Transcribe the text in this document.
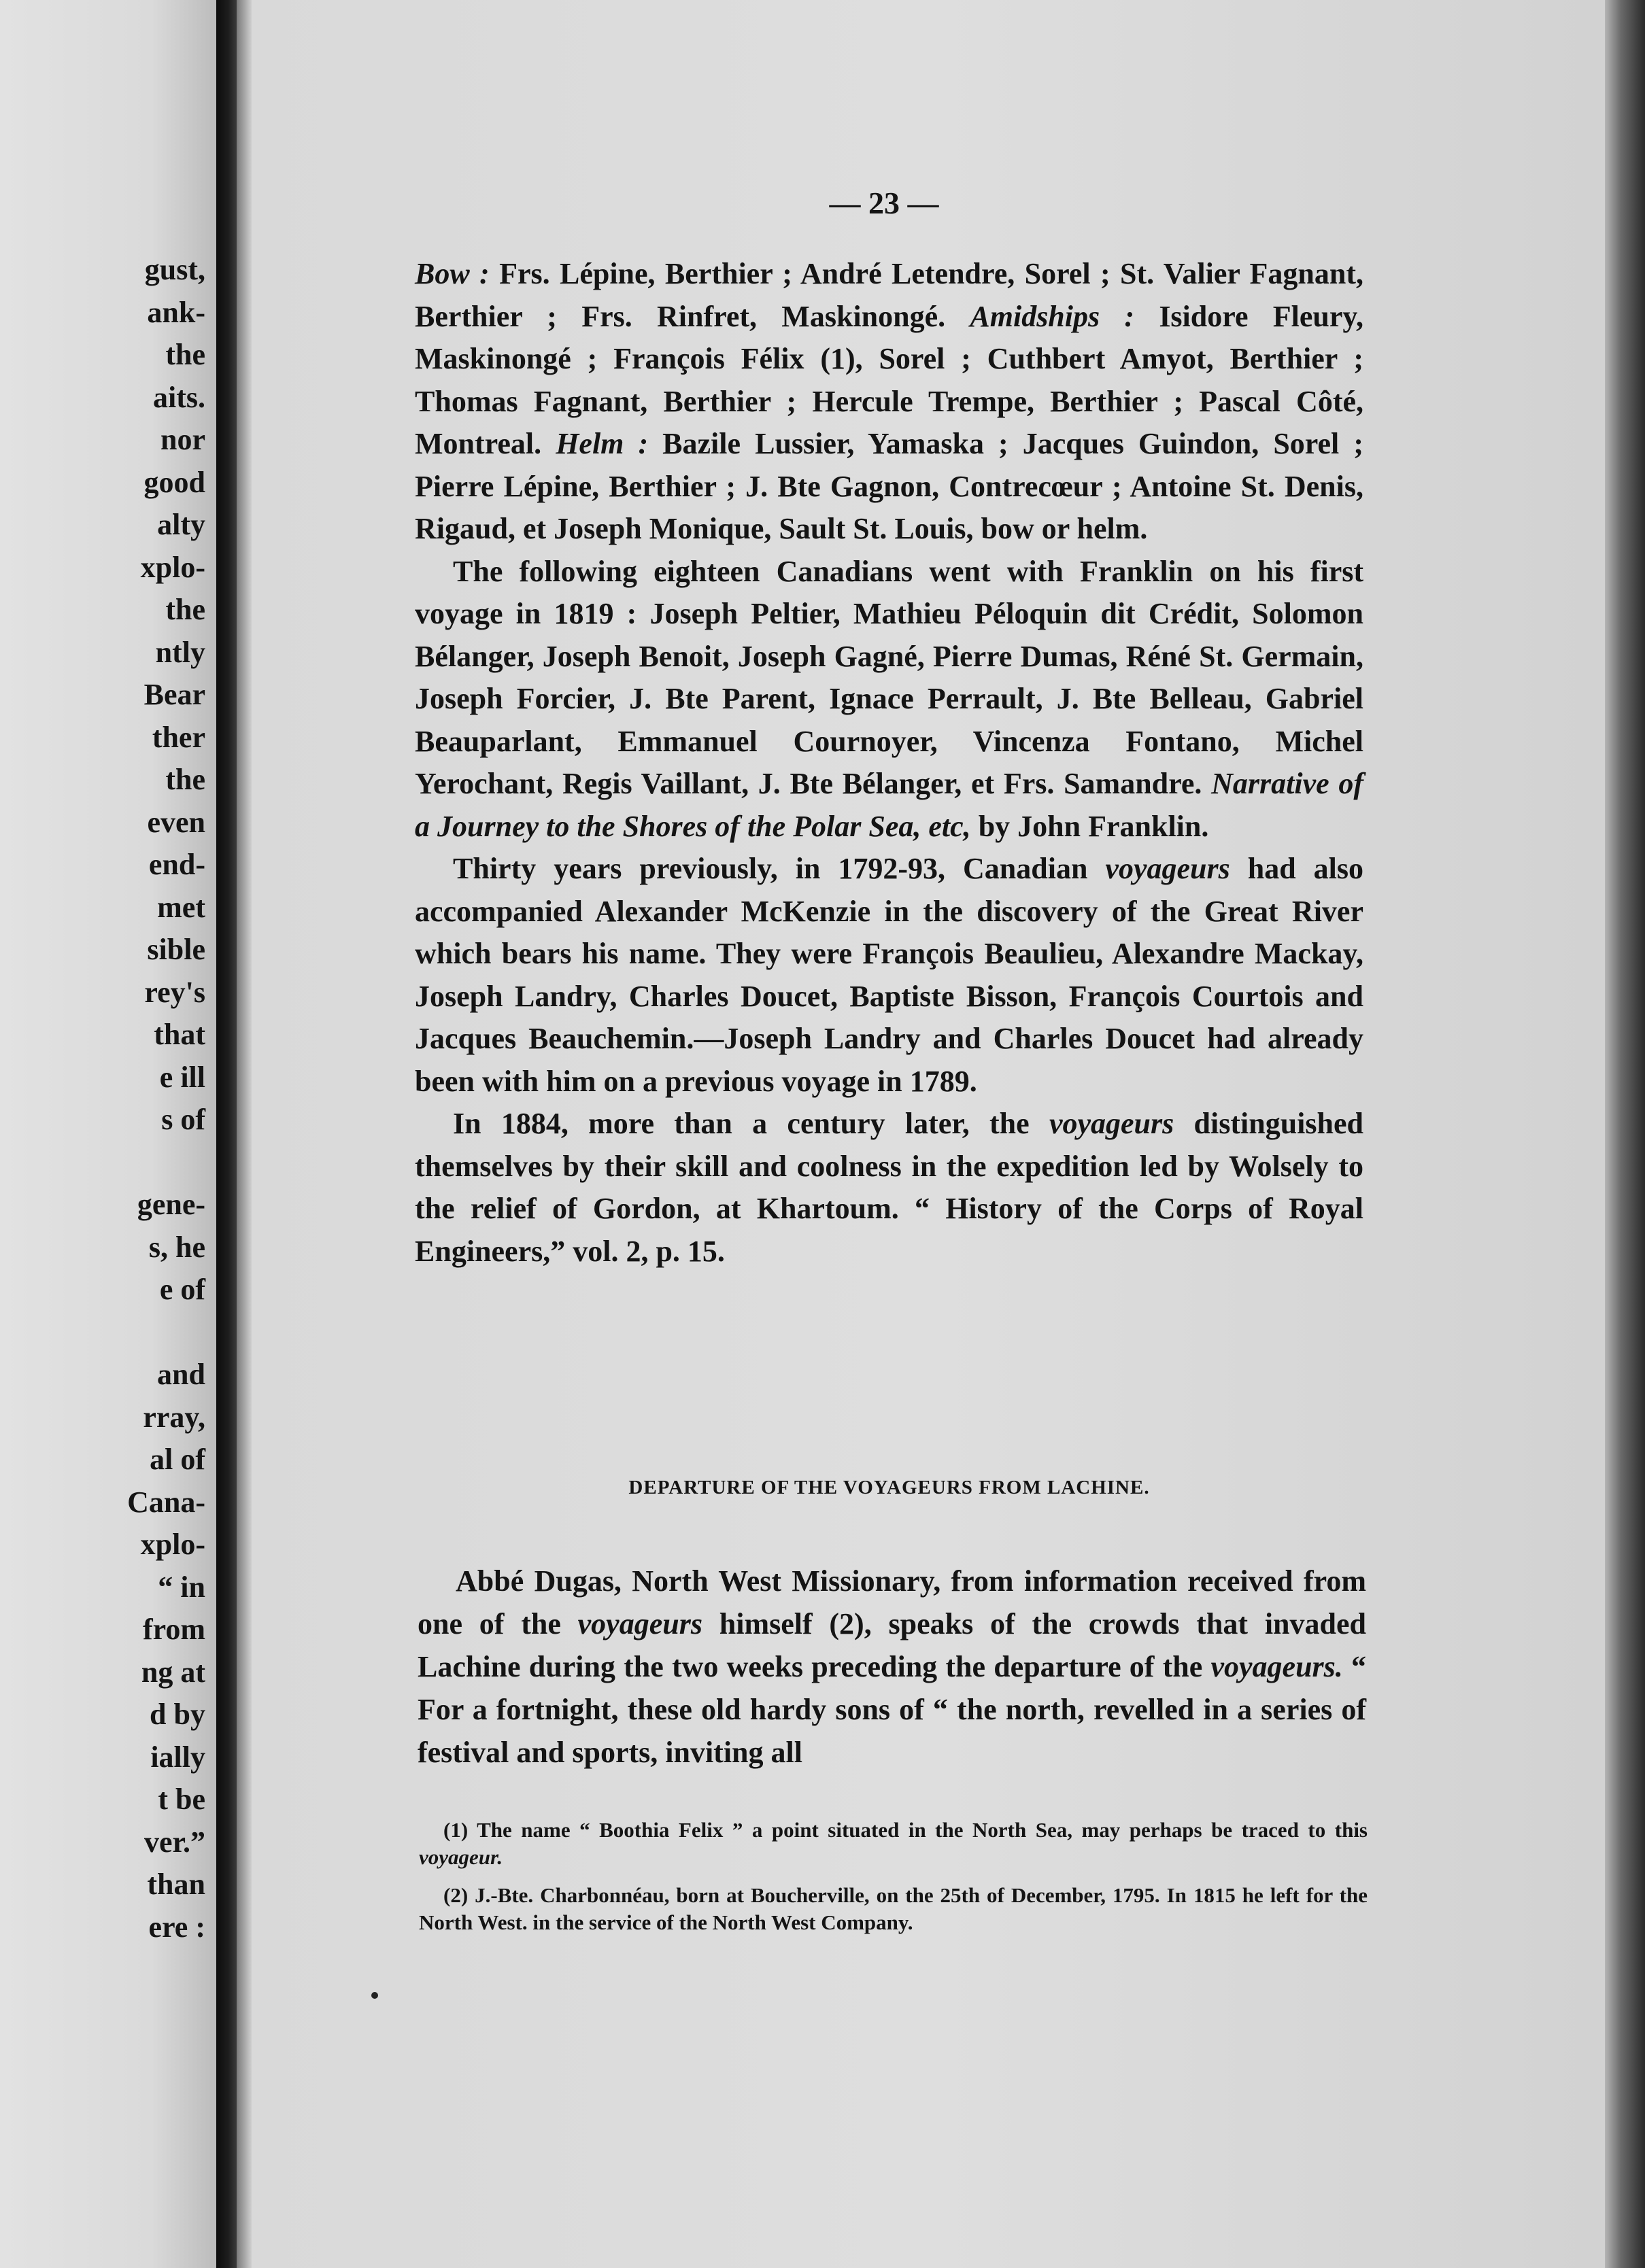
gust,
ank-
the
aits.
nor
good
alty
xplo-
the
ntly
Bear
ther
the
even
end-
met
sible
rey's
that
e ill
s of
gene-
s, he
e of
and
rray,
al of
Cana-
xplo-
“ in
from
ng at
d by
ially
t be
ver.”
than
ere :
— 23 —

Bow : Frs. Lépine, Berthier ; André Letendre, Sorel ; St. Valier Fagnant, Berthier ; Frs. Rinfret, Maskinongé. Amidships : Isidore Fleury, Maskinongé ; François Félix (1), Sorel ; Cuthbert Amyot, Berthier ; Thomas Fagnant, Berthier ; Hercule Trempe, Berthier ; Pascal Côté, Montreal. Helm : Bazile Lussier, Yamaska ; Jacques Guindon, Sorel ; Pierre Lépine, Berthier ; J. Bte Gagnon, Contrecœur ; Antoine St. Denis, Rigaud, et Joseph Monique, Sault St. Louis, bow or helm.

The following eighteen Canadians went with Franklin on his first voyage in 1819 : Joseph Peltier, Mathieu Péloquin dit Crédit, Solomon Bélanger, Joseph Benoit, Joseph Gagné, Pierre Dumas, Réné St. Germain, Joseph Forcier, J. Bte Parent, Ignace Perrault, J. Bte Belleau, Gabriel Beauparlant, Emmanuel Cournoyer, Vincenza Fontano, Michel Yerochant, Regis Vaillant, J. Bte Bélanger, et Frs. Samandre. Narrative of a Journey to the Shores of the Polar Sea, etc, by John Franklin.

Thirty years previously, in 1792-93, Canadian voyageurs had also accompanied Alexander McKenzie in the discovery of the Great River which bears his name. They were François Beaulieu, Alexandre Mackay, Joseph Landry, Charles Doucet, Baptiste Bisson, François Courtois and Jacques Beauchemin.—Joseph Landry and Charles Doucet had already been with him on a previous voyage in 1789.

In 1884, more than a century later, the voyageurs distinguished themselves by their skill and coolness in the expedition led by Wolsely to the relief of Gordon, at Khartoum. “ History of the Corps of Royal Engineers,” vol. 2, p. 15.

DEPARTURE OF THE VOYAGEURS FROM LACHINE.

Abbé Dugas, North West Missionary, from information received from one of the voyageurs himself (2), speaks of the crowds that invaded Lachine during the two weeks preceding the departure of the voyageurs. “ For a fortnight, these old hardy sons of “ the north, revelled in a series of festival and sports, inviting all

(1) The name “ Boothia Felix ” a point situated in the North Sea, may perhaps be traced to this voyageur.

(2) J.-Bte. Charbonnéau, born at Boucherville, on the 25th of December, 1795. In 1815 he left for the North West. in the service of the North West Company.
